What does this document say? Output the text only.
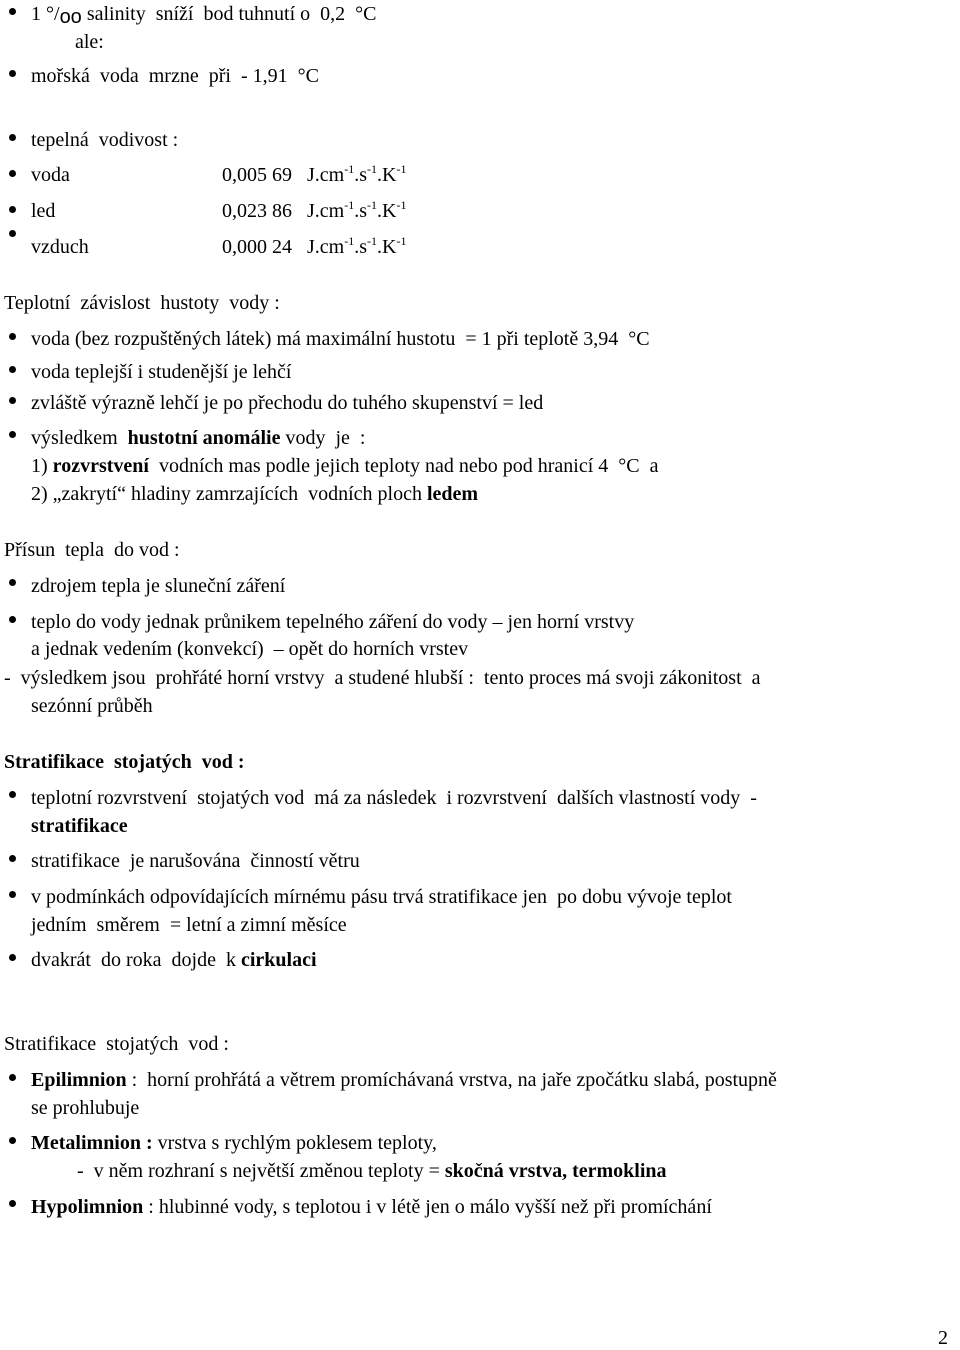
1 °/oo salinity  sníží  bod tuhnutí o  0,2  °C
ale:
mořská  voda  mrzne  při  - 1,91  °C
tepelná  vodivost :
voda	0,005 69   $J.cm^{-1}.s^{-1}.K^{-1}$
led	0,023 86   $J.cm^{-1}.s^{-1}.K^{-1}$
vzduch	0,000 24   $J.cm^{-1}.s^{-1}.K^{-1}$
Teplotní  závislost  hustoty  vody :
voda (bez rozpuštěných látek) má maximální hustotu  = 1 při teplotě 3,94  °C
voda teplejší i studenější je lehčí
zvláště výrazně lehčí je po přechodu do tuhého skupenství = led
výsledkem  hustotní anomálie vody  je  :
1) rozvrstvení  vodních mas podle jejich teploty nad nebo pod hranicí 4  °C  a
2) „zakrytí“ hladiny zamrzajících  vodních ploch ledem
Přísun  tepla  do vod :
zdrojem tepla je sluneční záření
teplo do vody jednak průnikem tepelného záření do vody – jen horní vrstvy
a jednak vedením (konvekcí)  – opět do horních vrstev
-  výsledkem jsou  prohřáté horní vrstvy  a studené hlubší :  tento proces má svoji zákonitost  a
sezónní průběh
Stratifikace  stojatých  vod :
teplotní rozvrstvení  stojatých vod  má za následek  i rozvrstvení  dalších vlastností vody  -
stratifikace
stratifikace  je narušována  činností větru
v podmínkách odpovídajících mírnému pásu trvá stratifikace jen  po dobu vývoje teplot
jedním  směrem  = letní a zimní měsíce
dvakrát  do roka  dojde  k cirkulaci
Stratifikace  stojatých  vod :
Epilimnion :  horní prohřátá a větrem promíchávaná vrstva, na jaře zpočátku slabá, postupně
se prohlubuje
Metalimnion : vrstva s rychlým poklesem teploty,
-  v něm rozhraní s největší změnou teploty = skočná vrstva, termoklina
Hypolimnion : hlubinné vody, s teplotou i v létě jen o málo vyšší než při promíchání
2
